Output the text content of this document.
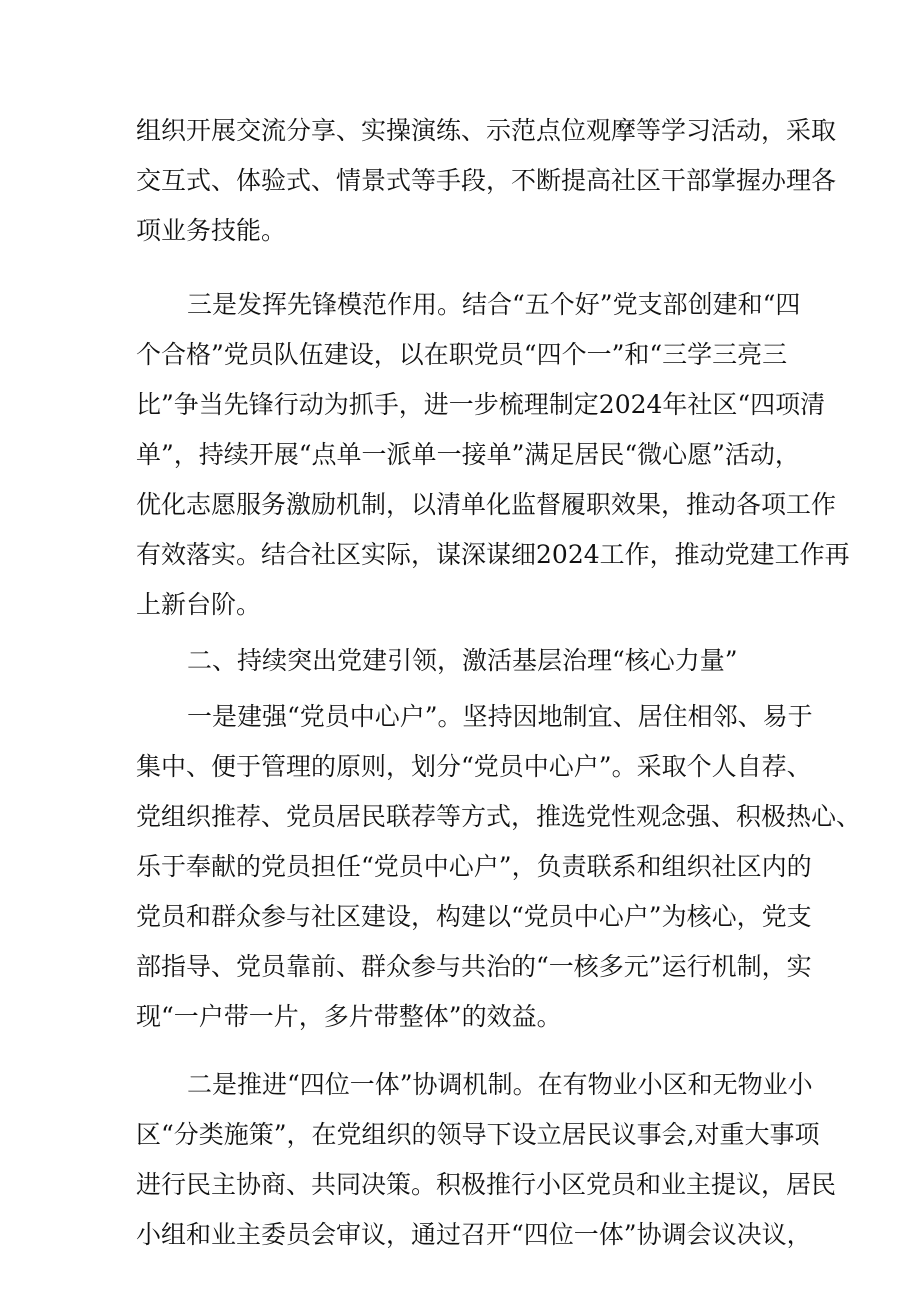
组织开展交流分享、实操演练、示范点位观摩等学习活动，采取

交互式、体验式、情景式等手段，不断提高社区干部掌握办理各

项业务技能。

三是发挥先锋模范作用。结合“五个好”党支部创建和“四

个合格”党员队伍建设，以在职党员“四个一”和“三学三亮三

比”争当先锋行动为抓手，进一步梳理制定2024年社区“四项清

单”，持续开展“点单一派单一接单”满足居民“微心愿”活动，

优化志愿服务激励机制，以清单化监督履职效果，推动各项工作

有效落实。结合社区实际，谋深谋细2024工作，推动党建工作再

上新台阶。

二、持续突出党建引领，激活基层治理“核心力量”

一是建强“党员中心户”。坚持因地制宜、居住相邻、易于

集中、便于管理的原则，划分“党员中心户”。采取个人自荐、

党组织推荐、党员居民联荐等方式，推选党性观念强、积极热心、

乐于奉献的党员担任“党员中心户”，负责联系和组织社区内的

党员和群众参与社区建设，构建以“党员中心户”为核心，党支

部指导、党员靠前、群众参与共治的“一核多元”运行机制，实

现“一户带一片，多片带整体”的效益。

二是推进“四位一体”协调机制。在有物业小区和无物业小

区“分类施策”，在党组织的领导下设立居民议事会,对重大事项

进行民主协商、共同决策。积极推行小区党员和业主提议，居民

小组和业主委员会审议，通过召开“四位一体”协调会议决议，
